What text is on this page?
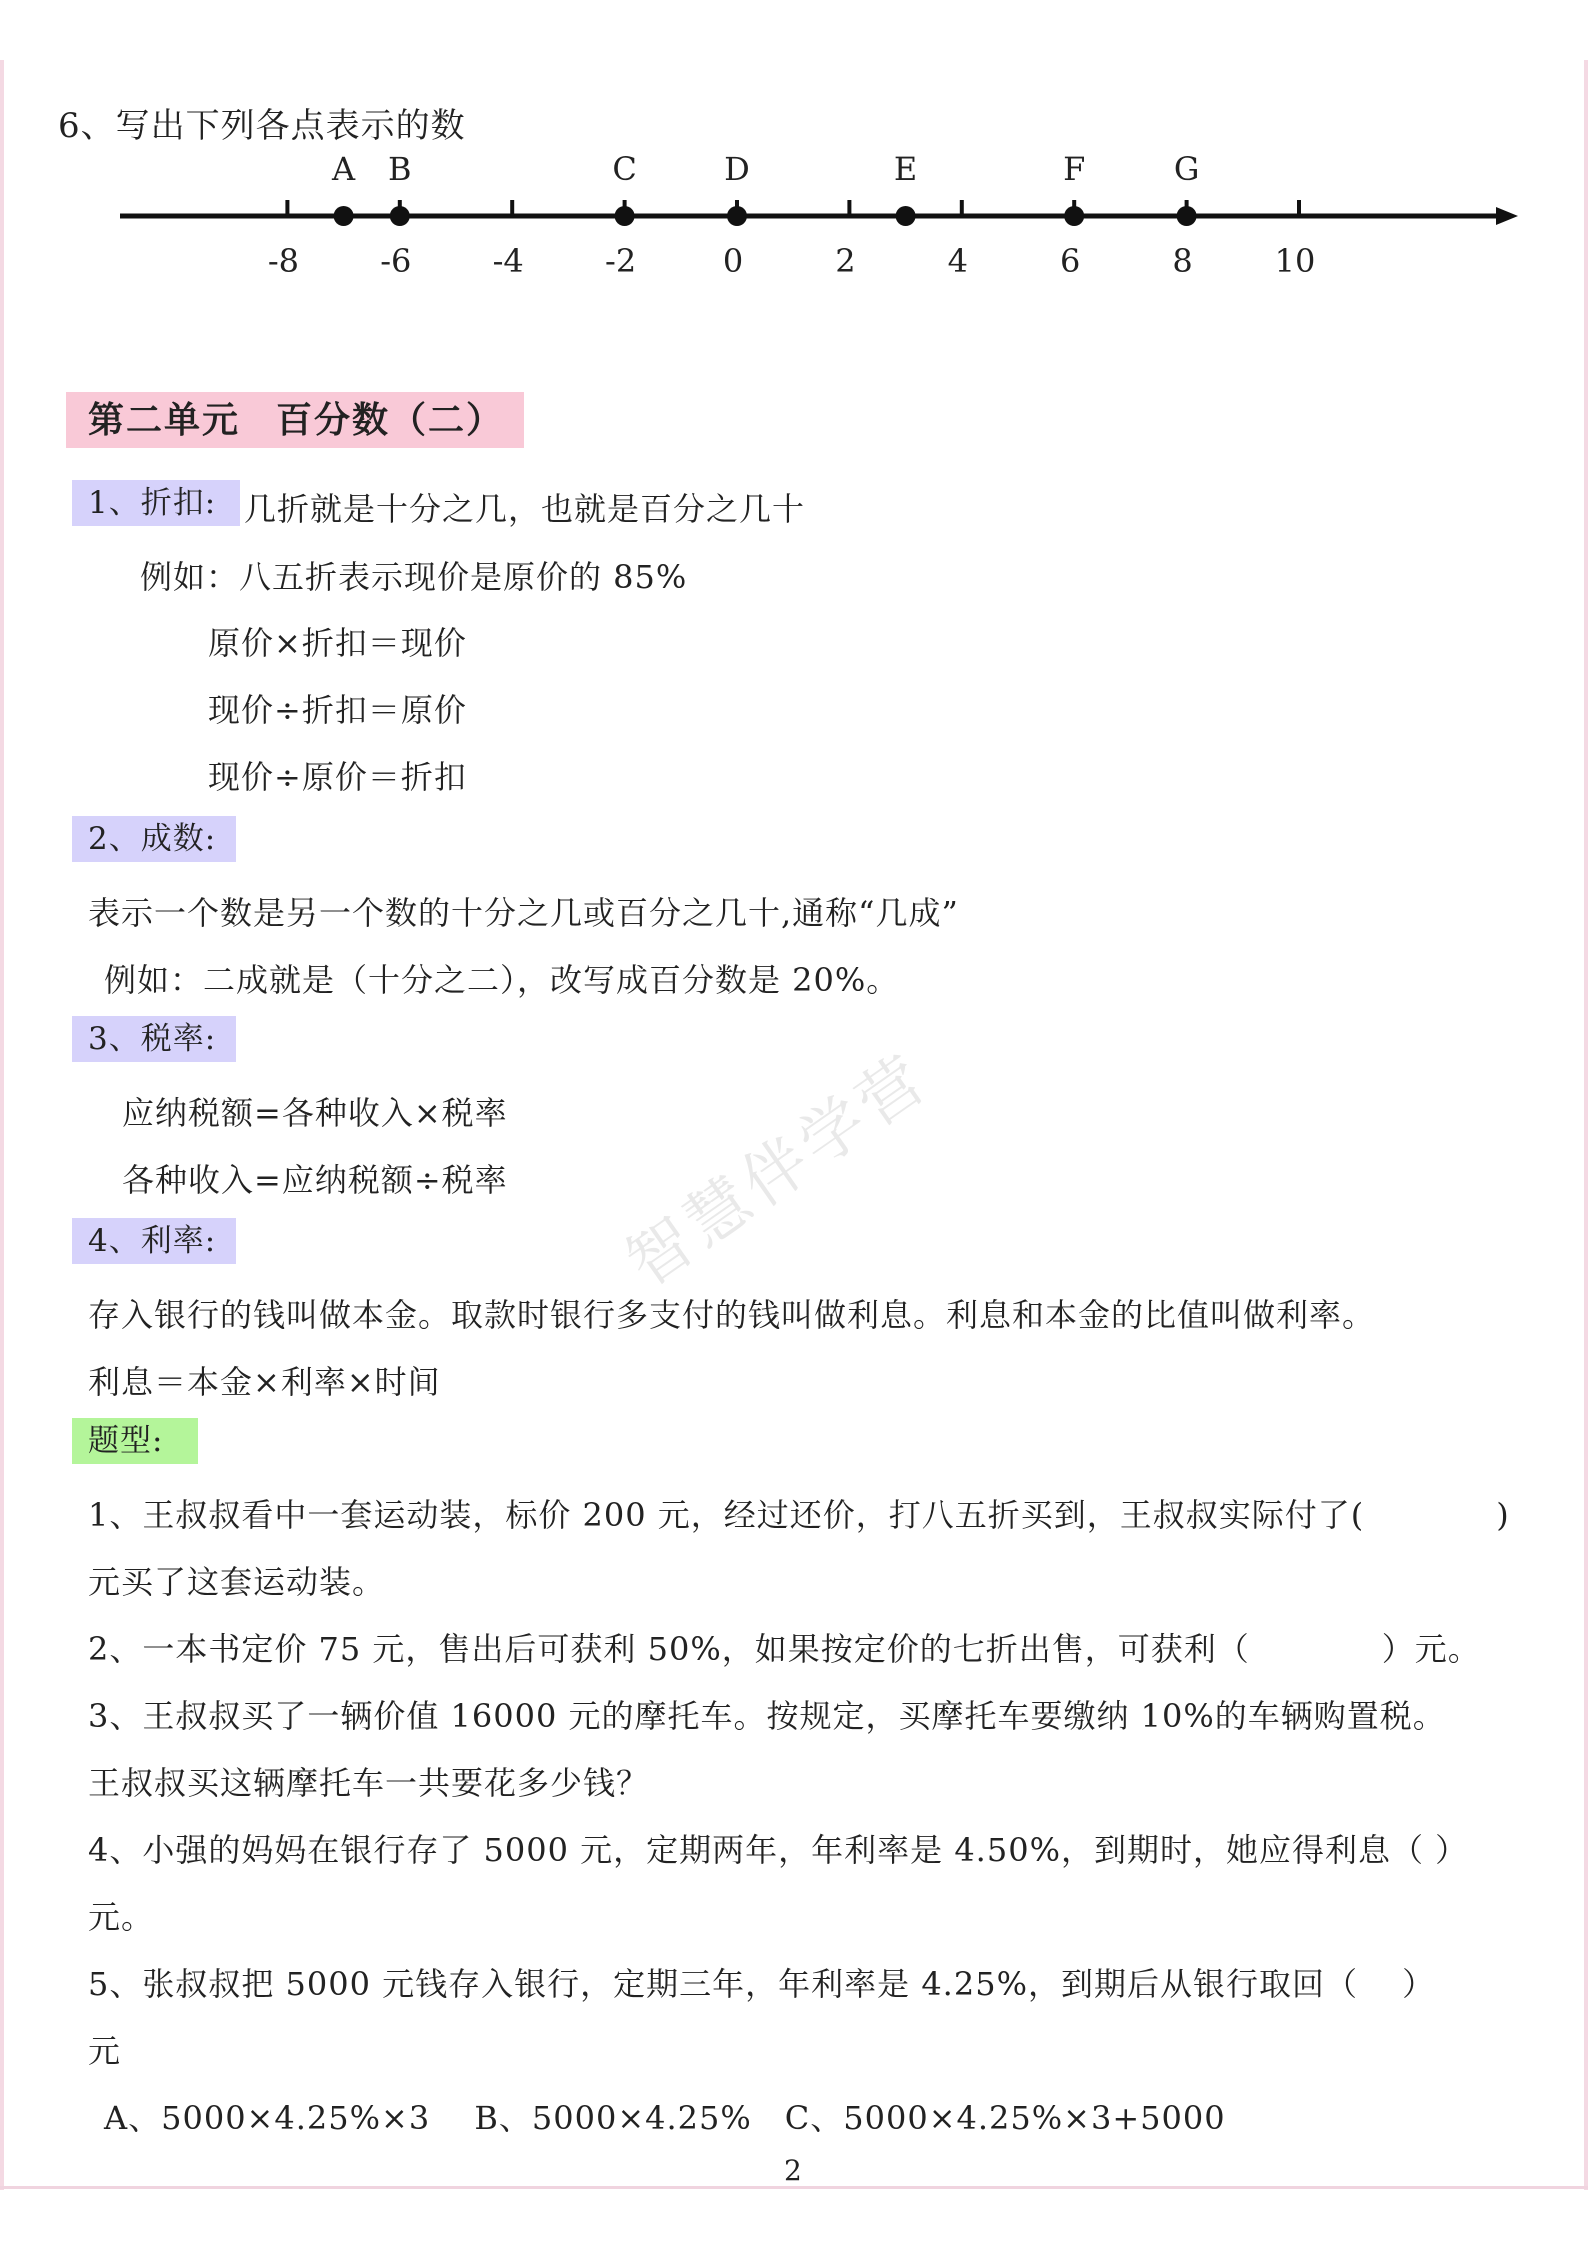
6、写出下列各点表示的数
-8	-6	-4	-2	0	2	4	6	8	10
A B	C	D	E	F	G
第二单元 百分数（二）
1、折扣: 几折就是十分之几，也就是百分之几十
例如：八五折表示现价是原价的 85%
原价×折扣＝现价
现价÷折扣＝原价
现价÷原价＝折扣
2、成数:
表示一个数是另一个数的十分之几或百分之几十,通称“几成”
例如：二成就是（十分之二），改写成百分数是 20%。
3、税率:
应纳税额=各种收入×税率
各种收入=应纳税额÷税率
4、利率:
存入银行的钱叫做本金。取款时银行多支付的钱叫做利息。利息和本金的比值叫做利率。
利息＝本金×利率×时间
题型:
1、王叔叔看中一套运动装，标价 200 元，经过还价，打八五折买到，王叔叔实际付了(　　　　)
元买了这套运动装。
2、一本书定价 75 元，售出后可获利 50%，如果按定价的七折出售，可获利（　　　　）元。
3、王叔叔买了一辆价值 16000 元的摩托车。按规定，买摩托车要缴纳 10%的车辆购置税。
王叔叔买这辆摩托车一共要花多少钱？
4、小强的妈妈在银行存了 5000 元，定期两年，年利率是 4.50%，到期时，她应得利息（ ）
元。
5、张叔叔把 5000 元钱存入银行，定期三年，年利率是 4.25%，到期后从银行取回（　 ）
元
A、5000×4.25%×3　 B、5000×4.25%　C、5000×4.25%×3+5000
智慧伴学营
2
